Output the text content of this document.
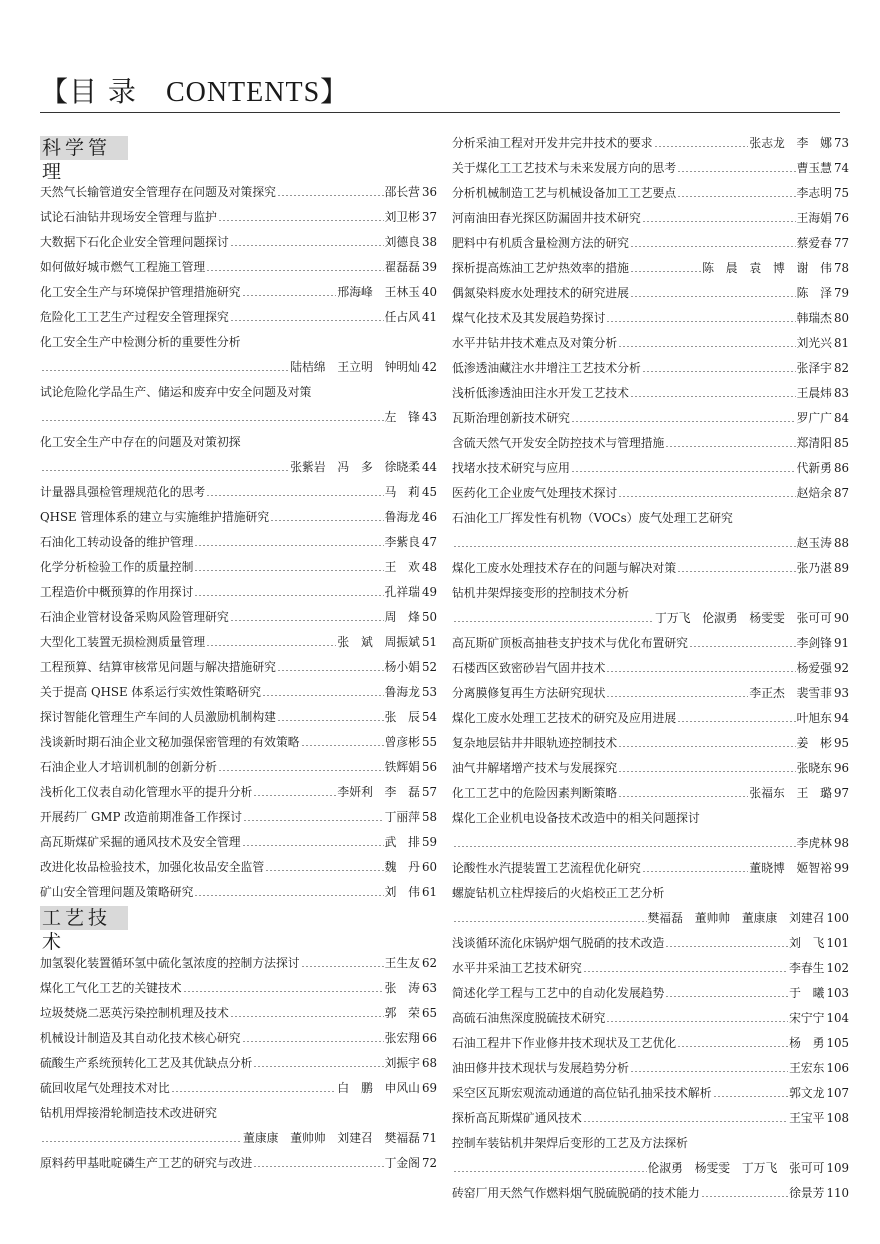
【目 录　 CONTENTS】
科学管理
工艺技术
天然气长输管道安全管理存在问题及对策探究	邵长营 36
试论石油钻井现场安全管理与监护	刘卫彬 37
大数据下石化企业安全管理问题探讨	刘德良 38
如何做好城市燃气工程施工管理	翟磊磊 39
化工安全生产与环境保护管理措施研究	邢海峰　王林玉 40
危险化工工艺生产过程安全管理探究	任占风 41
化工安全生产中检测分析的重要性分析
陆桔绵　王立明　钟明灿 42
试论危险化学品生产、储运和废弃中安全问题及对策
左　锋 43
化工安全生产中存在的问题及对策初探
张紫岩　冯　多　徐晓柔 44
计量器具强检管理规范化的思考	马　莉 45
QHSE 管理体系的建立与实施维护措施研究	鲁海龙 46
石油化工转动设备的维护管理	李紫良 47
化学分析检验工作的质量控制	王　欢 48
工程造价中概预算的作用探讨	孔祥瑞 49
石油企业管材设备采购风险管理研究	周　烽 50
大型化工装置无损检测质量管理	张　斌　周振斌 51
工程预算、结算审核常见问题与解决措施研究	杨小娟 52
关于提高 QHSE 体系运行实效性策略研究	鲁海龙 53
探讨智能化管理生产车间的人员激励机制构建	张　辰 54
浅谈新时期石油企业文秘加强保密管理的有效策略	曾彦彬 55
石油企业人才培训机制的创新分析	铁辉娟 56
浅析化工仪表自动化管理水平的提升分析	李妍利　李　磊 57
开展药厂 GMP 改造前期准备工作探讨	丁丽萍 58
高瓦斯煤矿采掘的通风技术及安全管理	武　排 59
改进化妆品检验技术，加强化妆品安全监管	魏　丹 60
矿山安全管理问题及策略研究	刘　伟 61
加氢裂化装置循环氢中硫化氢浓度的控制方法探讨	王生友 62
煤化工气化工艺的关键技术	张　涛 63
垃圾焚烧二恶英污染控制机理及技术	郭　荣 65
机械设计制造及其自动化技术核心研究	张宏翔 66
硫酸生产系统预转化工艺及其优缺点分析	刘振宇 68
硫回收尾气处理技术对比	白　鹏　申风山 69
钻机用焊接滑轮制造技术改进研究
董康康　董帅帅　刘建召　樊福磊 71
原料药甲基吡啶磷生产工艺的研究与改进	丁金阁 72
分析采油工程对开发井完井技术的要求	张志龙　李　娜 73
关于煤化工工艺技术与未来发展方向的思考	曹玉慧 74
分析机械制造工艺与机械设备加工工艺要点	李志明 75
河南油田春光探区防漏固井技术研究	王海娟 76
肥料中有机质含量检测方法的研究	蔡爱春 77
探析提高炼油工艺炉热效率的措施	陈　晨　袁　博　谢　伟 78
偶氮染料废水处理技术的研究进展	陈　泽 79
煤气化技术及其发展趋势探讨	韩瑞杰 80
水平井钻井技术难点及对策分析	刘光兴 81
低渗透油藏注水井增注工艺技术分析	张泽宇 82
浅析低渗透油田注水开发工艺技术	王晨炜 83
瓦斯治理创新技术研究	罗广广 84
含硫天然气开发安全防控技术与管理措施	郑清阳 85
找堵水技术研究与应用	代新勇 86
医药化工企业废气处理技术探讨	赵焙余 87
石油化工厂挥发性有机物（VOCs）废气处理工艺研究
赵玉涛 88
煤化工废水处理技术存在的问题与解决对策	张乃湛 89
钻机井架焊接变形的控制技术分析
丁万飞　伦淑勇　杨雯雯　张可可 90
高瓦斯矿顶板高抽巷支护技术与优化布置研究	李剑锋 91
石楼西区致密砂岩气固井技术	杨爱强 92
分离膜修复再生方法研究现状	李正杰　裴雪菲 93
煤化工废水处理工艺技术的研究及应用进展	叶旭东 94
复杂地层钻井井眼轨迹控制技术	姜　彬 95
油气井解堵增产技术与发展探究	张晓东 96
化工工艺中的危险因素判断策略	张福东　王　璐 97
煤化工企业机电设备技术改造中的相关问题探讨
李虎林 98
论酸性水汽提装置工艺流程优化研究	董晓博　姬智裕 99
螺旋钻机立柱焊接后的火焰校正工艺分析
樊福磊　董帅帅　董康康　刘建召 100
浅谈循环流化床锅炉烟气脱硝的技术改造	刘　飞 101
水平井采油工艺技术研究	李春生 102
简述化学工程与工艺中的自动化发展趋势	于　曦 103
高硫石油焦深度脱硫技术研究	宋宁宁 104
石油工程井下作业修井技术现状及工艺优化	杨　勇 105
油田修井技术现状与发展趋势分析	王宏东 106
采空区瓦斯宏观流动通道的高位钻孔抽采技术解析	郭文龙 107
探析高瓦斯煤矿通风技术	王宝平 108
控制车装钻机井架焊后变形的工艺及方法探析
伦淑勇　杨雯雯　丁万飞　张可可 109
砖窑厂用天然气作燃料烟气脱硫脱硝的技术能力	徐景芳 110
